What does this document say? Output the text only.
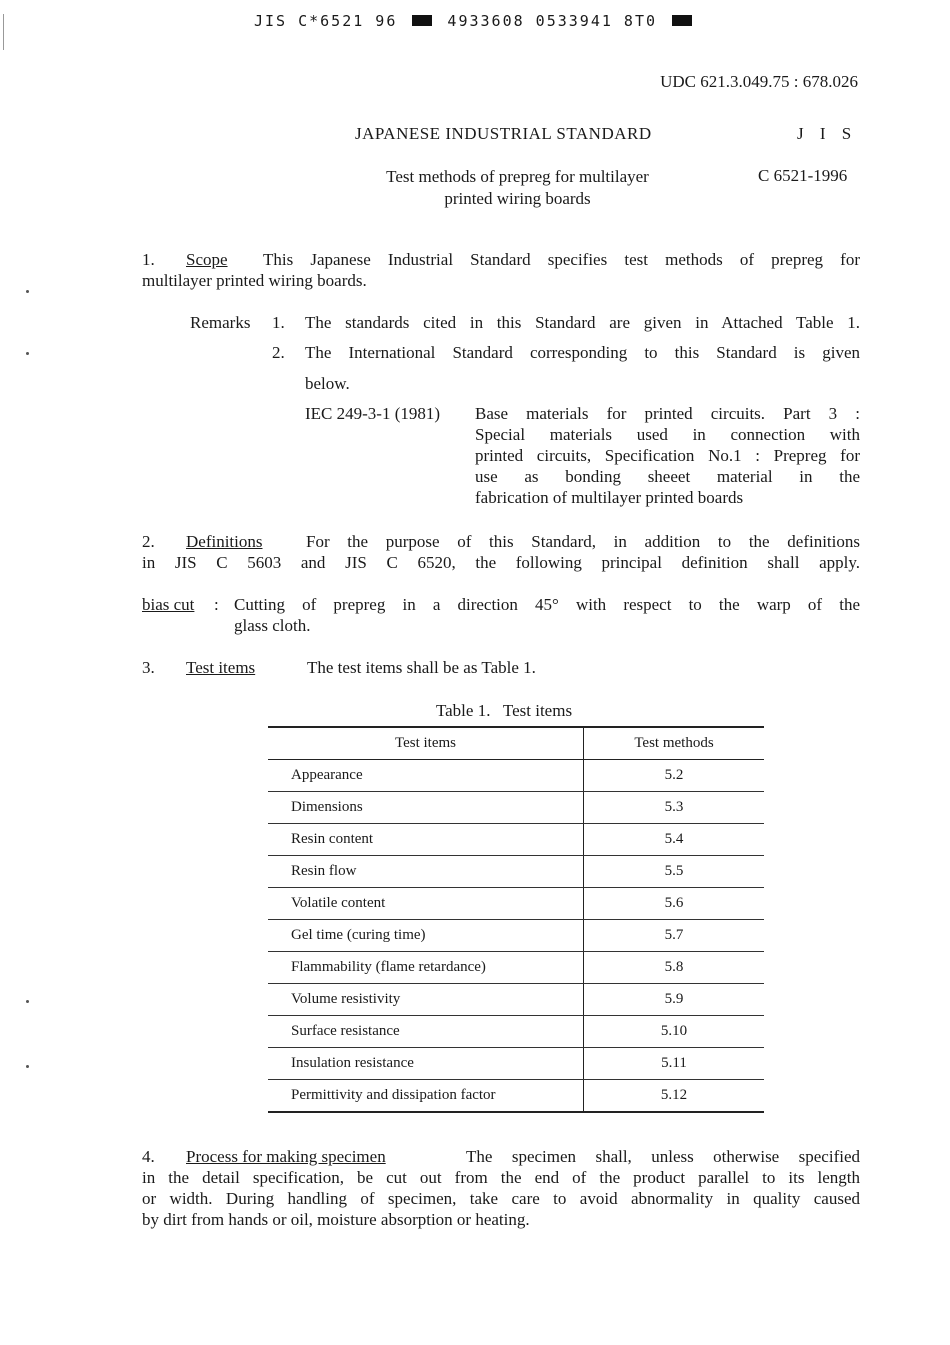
JIS C*6521 96	4933608 0533941 8T0
UDC 621.3.049.75 : 678.026
JAPANESE INDUSTRIAL STANDARD	J I S
Test methods of prepreg for multilayer
printed wiring boards
C 6521-1996
1.	Scope	This Japanese Industrial Standard specifies test methods of prepreg for
multilayer printed wiring boards.
Remarks 1. The standards cited in this Standard are given in Attached Table 1.
2. The International Standard corresponding to this Standard is given
below.
IEC 249-3-1 (1981) Base materials for printed circuits. Part 3 :
Special materials used in connection with
printed circuits, Specification No.1 : Prepreg for
use as bonding sheeet material in the
fabrication of multilayer printed boards
2.	Definitions	For the purpose of this Standard, in addition to the definitions
in JIS C 5603 and JIS C 6520, the following principal definition shall apply.
bias cut : Cutting of prepreg in a direction 45° with respect to the warp of the
glass cloth.
3. Test items	The test items shall be as Table 1.
Table 1.   Test items
Test items	Test methods
Appearance	5.2
Dimensions	5.3
Resin content	5.4
Resin flow	5.5
Volatile content	5.6
Gel time (curing time)	5.7
Flammability (flame retardance)	5.8
Volume resistivity	5.9
Surface resistance	5.10
Insulation resistance	5.11
Permittivity and dissipation factor	5.12
4.	Process for making specimen	The specimen shall, unless otherwise specified
in the detail specification, be cut out from the end of the product parallel to its length
or width. During handling of specimen, take care to avoid abnormality in quality caused
by dirt from hands or oil, moisture absorption or heating.
